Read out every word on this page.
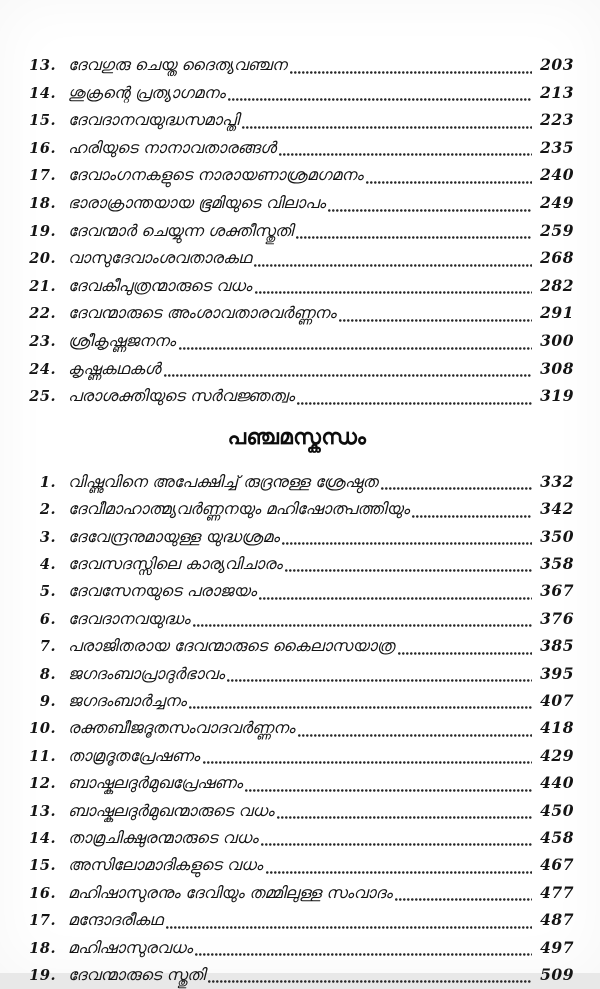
13. ദേവഗുരു ചെയ്ത ദൈത്യവഞ്ചന	203
14. ശുക്രന്റെ പ്രത്യാഗമനം	213
15. ദേവദാനവയുദ്ധസമാപ്തി	223
16. ഹരിയുടെ നാനാവതാരങ്ങൾ	235
17. ദേവാംഗനകളുടെ നാരായണാശ്രമഗമനം	240
18. ഭാരാക്രാന്തയായ ഭൂമിയുടെ വിലാപം	249
19. ദേവന്മാർ ചെയ്യുന്ന ശക്തീസ്തുതി	259
20. വാസുദേവാംശവതാരകഥ	268
21. ദേവകീപുത്രന്മാരുടെ വധം	282
22. ദേവന്മാരുടെ അംശാവതാരവർണ്ണനം	291
23. ശ്രീകൃഷ്ണജനനം	300
24. കൃഷ്ണകഥകൾ	308
25. പരാശക്തിയുടെ സർവജ്ഞത്വം	319
പഞ്ചമസ്കന്ധം
1. വിഷ്ണുവിനെ അപേക്ഷിച്ച് രുദ്രനുള്ള ശ്രേഷ്ഠത	332
2. ദേവീമാഹാത്മ്യവർണ്ണനയും മഹിഷോത്പത്തിയും	342
3. ദേവേന്ദ്രനുമായുള്ള യുദ്ധശ്രമം	350
4. ദേവസദസ്സിലെ കാര്യവിചാരം	358
5. ദേവസേനയുടെ പരാജയം	367
6. ദേവദാനവയുദ്ധം	376
7. പരാജിതരായ ദേവന്മാരുടെ കൈലാസയാത്ര	385
8. ജഗദംബാപ്രാദുർഭാവം	395
9. ജഗദംബാർച്ചനം	407
10. രക്തബീജദൂതസംവാദവർണ്ണനം	418
11. താമ്രദൂതപ്രേഷണം	429
12. ബാഷ്കലദുർമുഖപ്രേഷണം	440
13. ബാഷ്കലദുർമുഖന്മാരുടെ വധം	450
14. താമ്രചിക്ഷുരന്മാരുടെ വധം	458
15. അസിലോമാദികളുടെ വധം	467
16. മഹിഷാസുരനും ദേവിയും തമ്മിലുള്ള സംവാദം	477
17. മന്ദോദരീകഥ	487
18. മഹിഷാസുരവധം	497
19. ദേവന്മാരുടെ സ്തുതി	509
